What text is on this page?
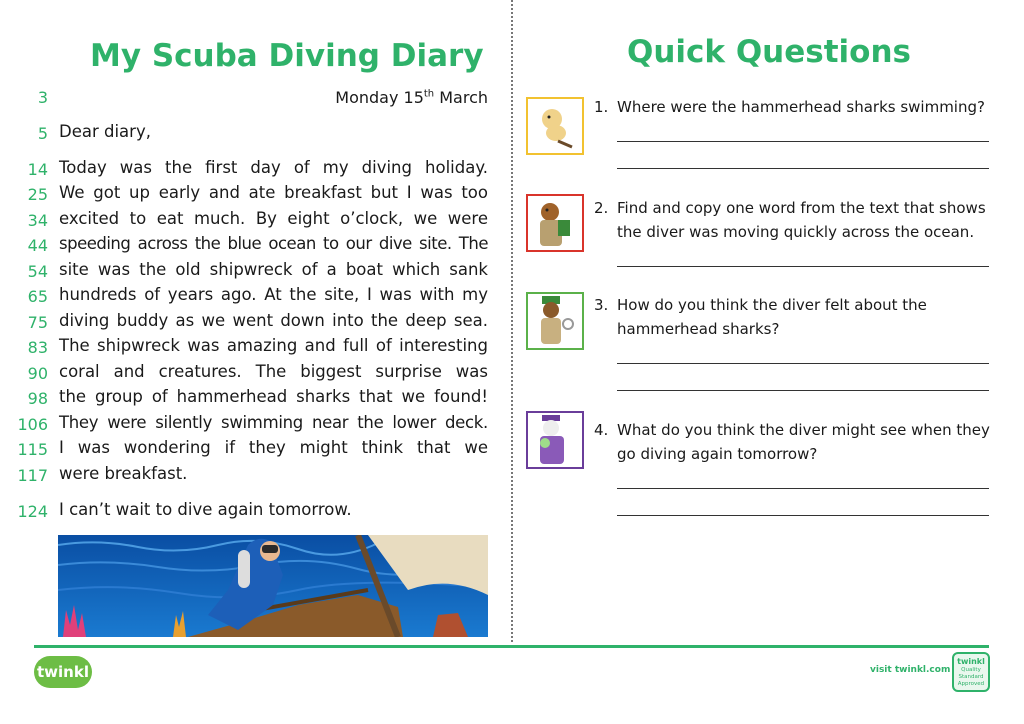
My Scuba Diving Diary	Quick Questions
Monday 15th March
3
5 Dear diary,
14 Today was the first day of my diving holiday.
25 We got up early and ate breakfast but I was too
34 excited to eat much. By eight o’clock, we were
44 speeding across the blue ocean to our dive site. The
54 site was the old shipwreck of a boat which sank
65 hundreds of years ago. At the site, I was with my
75 diving buddy as we went down into the deep sea.
83 The shipwreck was amazing and full of interesting
90 coral and creatures. The biggest surprise was
98 the group of hammerhead sharks that we found!
106 They were silently swimming near the lower deck.
115 I was wondering if they might think that we
117 were breakfast.
124 I can’t wait to dive again tomorrow.
1. Where were the hammerhead sharks swimming?
2. Find and copy one word from the text that shows the diver was moving quickly across the ocean.
3. How do you think the diver felt about the hammerhead sharks?
4. What do you think the diver might see when they go diving again tomorrow?
twinkl	visit twinkl.com
twinkl
Quality Standard Approved
